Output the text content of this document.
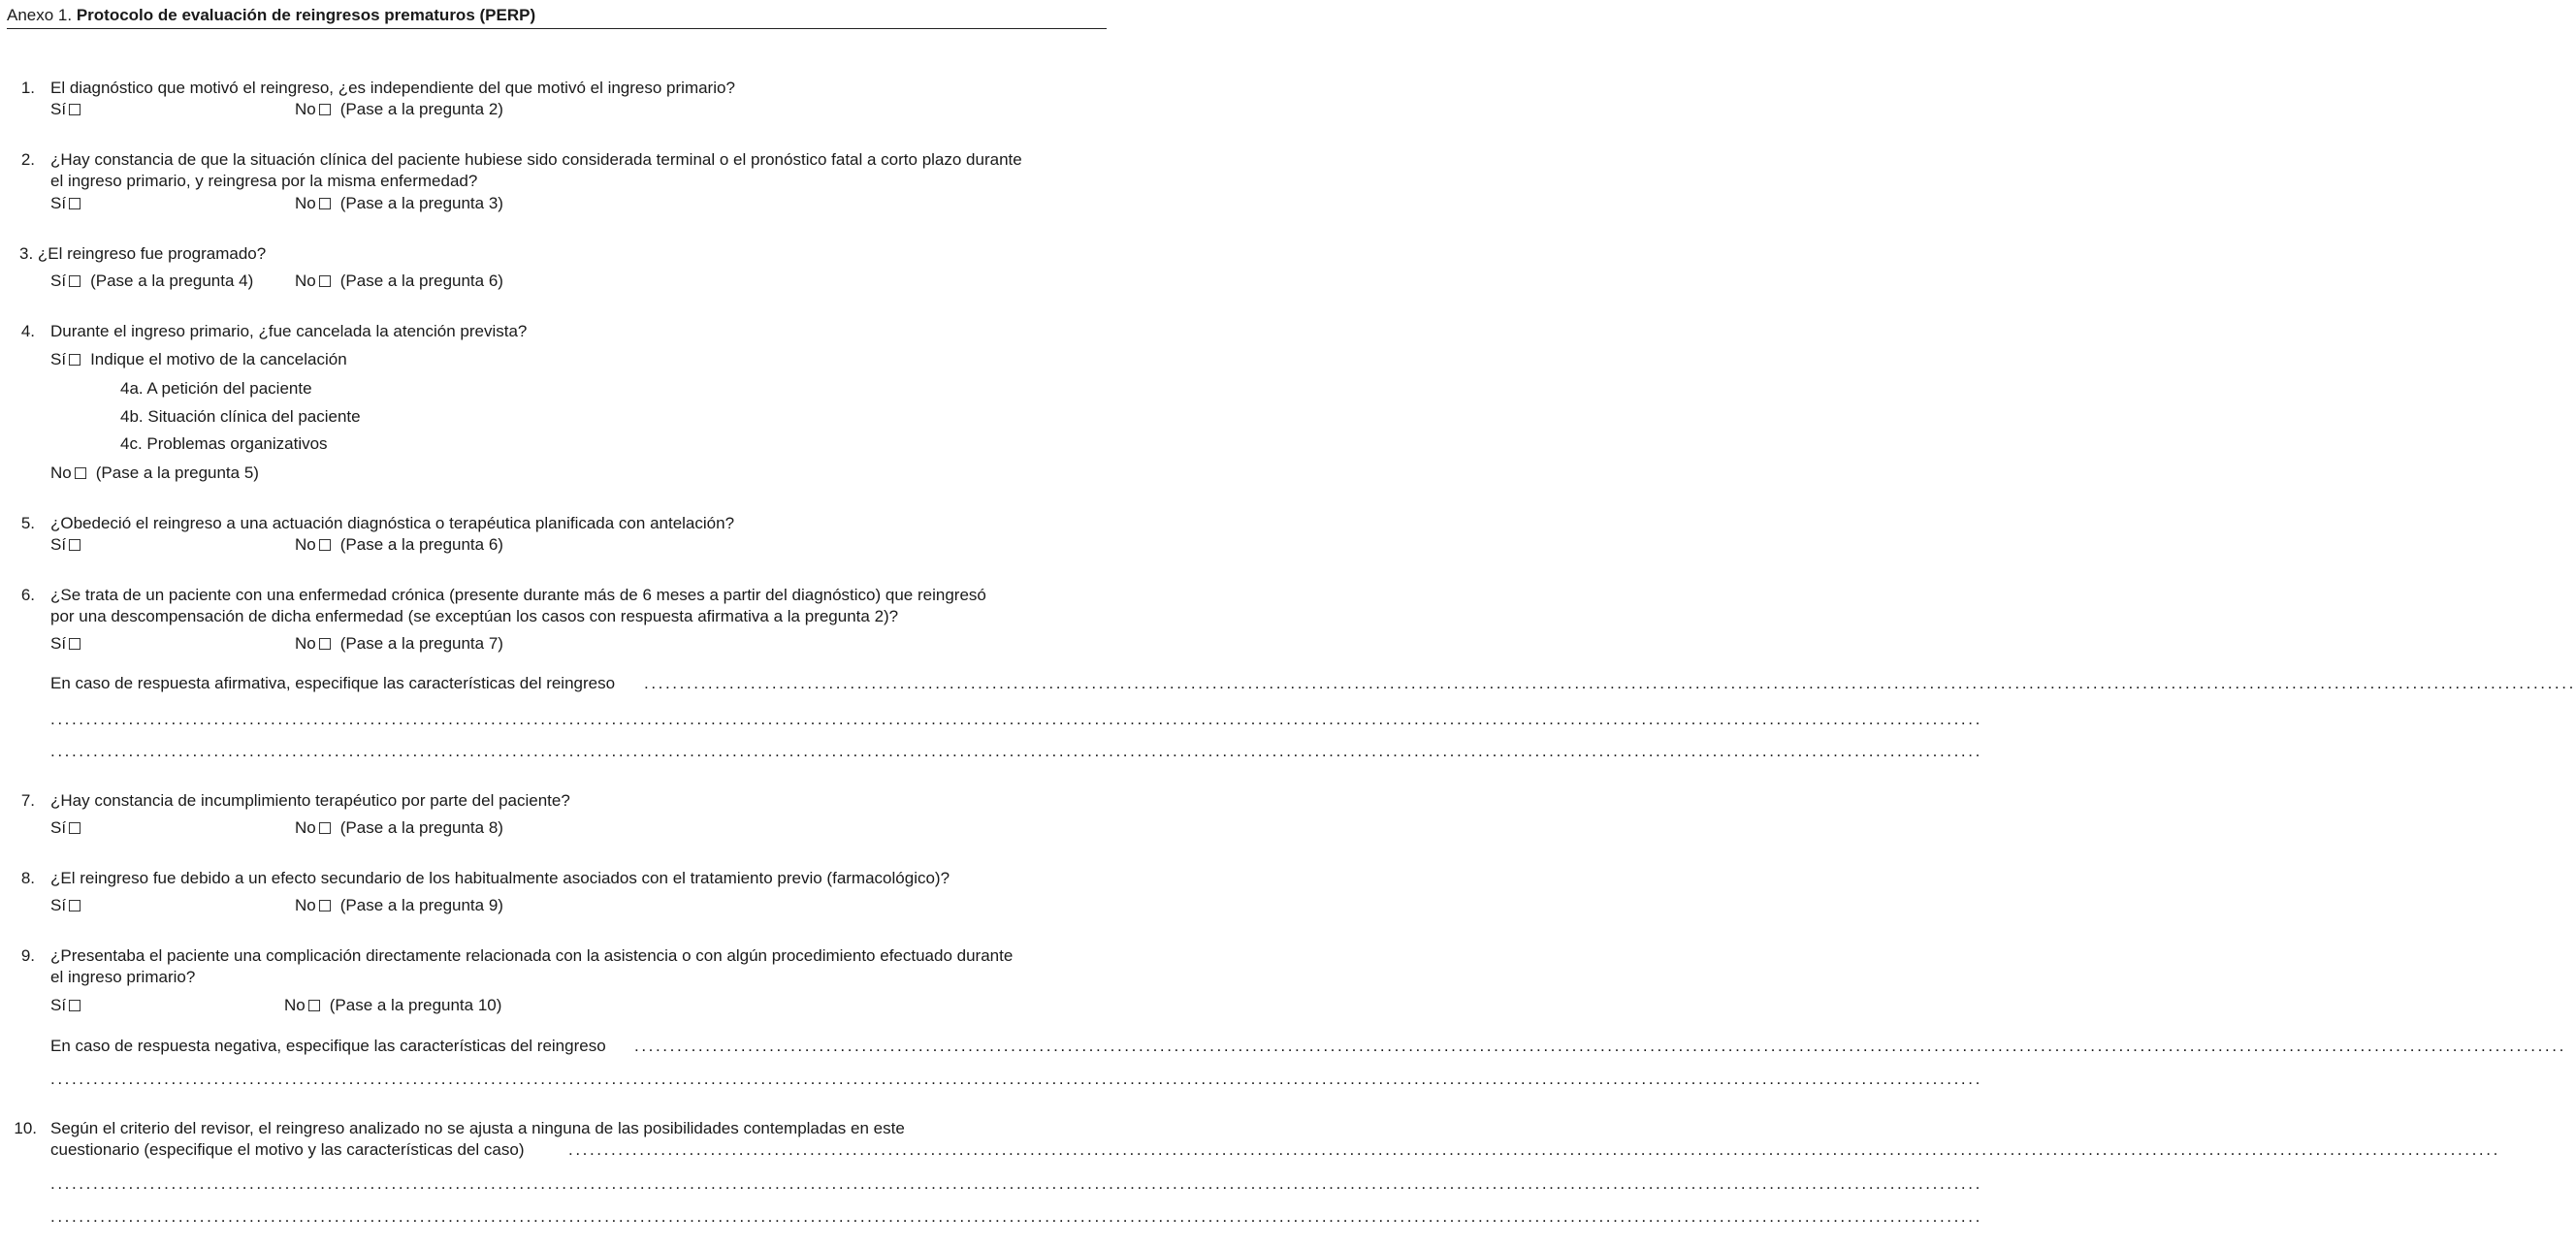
Anexo 1. Protocolo de evaluación de reingresos prematuros (PERP)
1. El diagnóstico que motivó el reingreso, ¿es independiente del que motivó el ingreso primario?
Sí	No (Pase a la pregunta 2)
2. ¿Hay constancia de que la situación clínica del paciente hubiese sido considerada terminal o el pronóstico fatal a corto plazo durante
el ingreso primario, y reingresa por la misma enfermedad?
Sí	No (Pase a la pregunta 3)
3. ¿El reingreso fue programado?
Sí (Pase a la pregunta 4)	No (Pase a la pregunta 6)
4. Durante el ingreso primario, ¿fue cancelada la atención prevista?
Sí Indique el motivo de la cancelación
4a. A petición del paciente
4b. Situación clínica del paciente
4c. Problemas organizativos
No (Pase a la pregunta 5)
5. ¿Obedeció el reingreso a una actuación diagnóstica o terapéutica planificada con antelación?
Sí	No (Pase a la pregunta 6)
6. ¿Se trata de un paciente con una enfermedad crónica (presente durante más de 6 meses a partir del diagnóstico) que reingresó
por una descompensación de dicha enfermedad (se exceptúan los casos con respuesta afirmativa a la pregunta 2)?
Sí	No (Pase a la pregunta 7)
En caso de respuesta afirmativa, especifique las características del reingreso ................................................................................................................................................................................................................................................................................
................................................................................................................................................................................................................................................................................
................................................................................................................................................................................................................................................................................
7. ¿Hay constancia de incumplimiento terapéutico por parte del paciente?
Sí	No (Pase a la pregunta 8)
8. ¿El reingreso fue debido a un efecto secundario de los habitualmente asociados con el tratamiento previo (farmacológico)?
Sí	No (Pase a la pregunta 9)
9. ¿Presentaba el paciente una complicación directamente relacionada con la asistencia o con algún procedimiento efectuado durante
el ingreso primario?
Sí	No (Pase a la pregunta 10)
En caso de respuesta negativa, especifique las características del reingreso ................................................................................................................................................................................................................................................................................
................................................................................................................................................................................................................................................................................
10. Según el criterio del revisor, el reingreso analizado no se ajusta a ninguna de las posibilidades contempladas en este
cuestionario (especifique el motivo y las características del caso)	................................................................................................................................................................................................................................................................................
................................................................................................................................................................................................................................................................................
................................................................................................................................................................................................................................................................................
